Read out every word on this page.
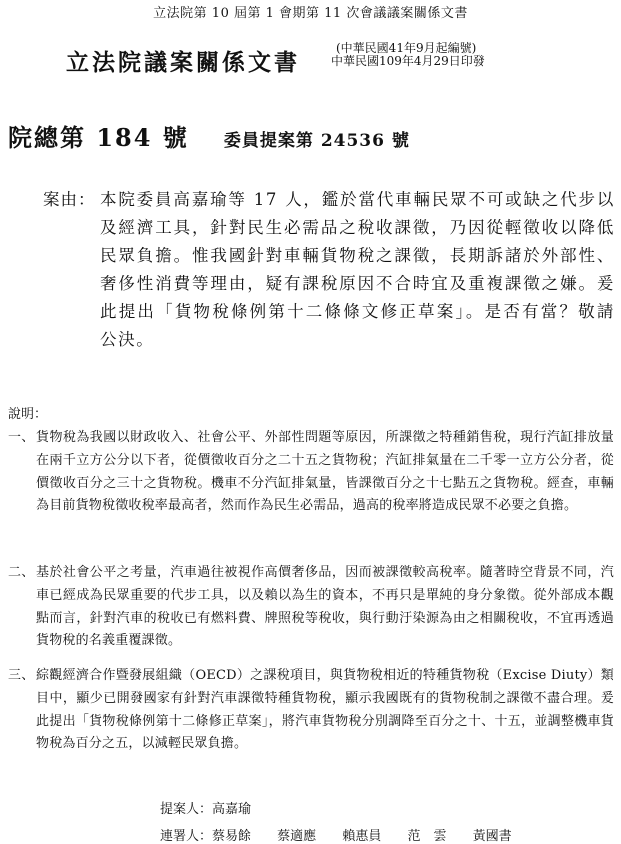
立法院第 10 屆第 1 會期第 11 次會議議案關係文書
立法院議案關係文書
(中華民國41年9月起編號)
中華民國109年4月29日印發
院總第 184 號 委員提案第 24536 號
案由： 本院委員高嘉瑜等 17 人，鑑於當代車輛民眾不可或缺之代步以及經濟工具，針對民生必需品之稅收課徵，乃因從輕徵收以降低民眾負擔。惟我國針對車輛貨物稅之課徵，長期訴諸於外部性、奢侈性消費等理由，疑有課稅原因不合時宜及重複課徵之嫌。爰此提出「貨物稅條例第十二條條文修正草案」。是否有當？敬請公決。
說明：
一、 貨物稅為我國以財政收入、社會公平、外部性問題等原因，所課徵之特種銷售稅，現行汽缸排放量在兩千立方公分以下者，從價徵收百分之二十五之貨物稅；汽缸排氣量在二千零一立方公分者，從價徵收百分之三十之貨物稅。機車不分汽缸排氣量，皆課徵百分之十七點五之貨物稅。經查，車輛為目前貨物稅徵收稅率最高者，然而作為民生必需品，過高的稅率將造成民眾不必要之負擔。
二、 基於社會公平之考量，汽車過往被視作高價奢侈品，因而被課徵較高稅率。隨著時空背景不同，汽車已經成為民眾重要的代步工具，以及賴以為生的資本，不再只是單純的身分象徵。從外部成本觀點而言，針對汽車的稅收已有燃料費、牌照稅等稅收，與行動汙染源為由之相關稅收，不宜再透過貨物稅的名義重覆課徵。
三、 綜觀經濟合作暨發展組織（OECD）之課稅項目，與貨物稅相近的特種貨物稅（Excise Diuty）類目中，顯少已開發國家有針對汽車課徵特種貨物稅，顯示我國既有的貨物稅制之課徵不盡合理。爰此提出「貨物稅條例第十二條修正草案」，將汽車貨物稅分別調降至百分之十、十五，並調整機車貨物稅為百分之五，以減輕民眾負擔。
提案人：高嘉瑜
連署人：蔡易餘 蔡適應 賴惠員 范　雲 黃國書
